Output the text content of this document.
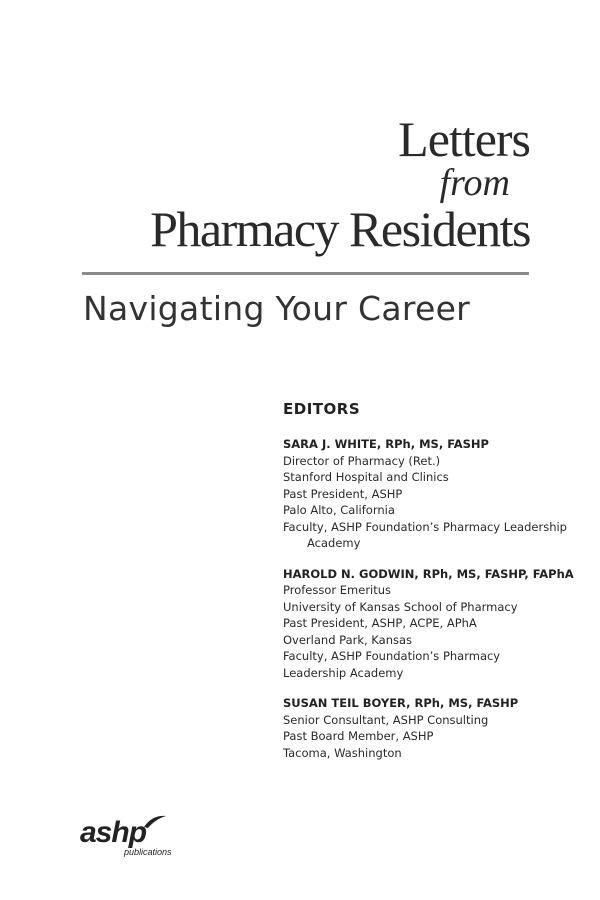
Letters
from
Pharmacy Residents
Navigating Your Career
EDITORS
SARA J. WHITE, RPh, MS, FASHP
Director of Pharmacy (Ret.)
Stanford Hospital and Clinics
Past President, ASHP
Palo Alto, California
Faculty, ASHP Foundation’s Pharmacy Leadership
Academy
HAROLD N. GODWIN, RPh, MS, FASHP, FAPhA
Professor Emeritus
University of Kansas School of Pharmacy
Past President, ASHP, ACPE, APhA
Overland Park, Kansas
Faculty, ASHP Foundation’s Pharmacy
Leadership Academy
SUSAN TEIL BOYER, RPh, MS, FASHP
Senior Consultant, ASHP Consulting
Past Board Member, ASHP
Tacoma, Washington
ashp
publications
